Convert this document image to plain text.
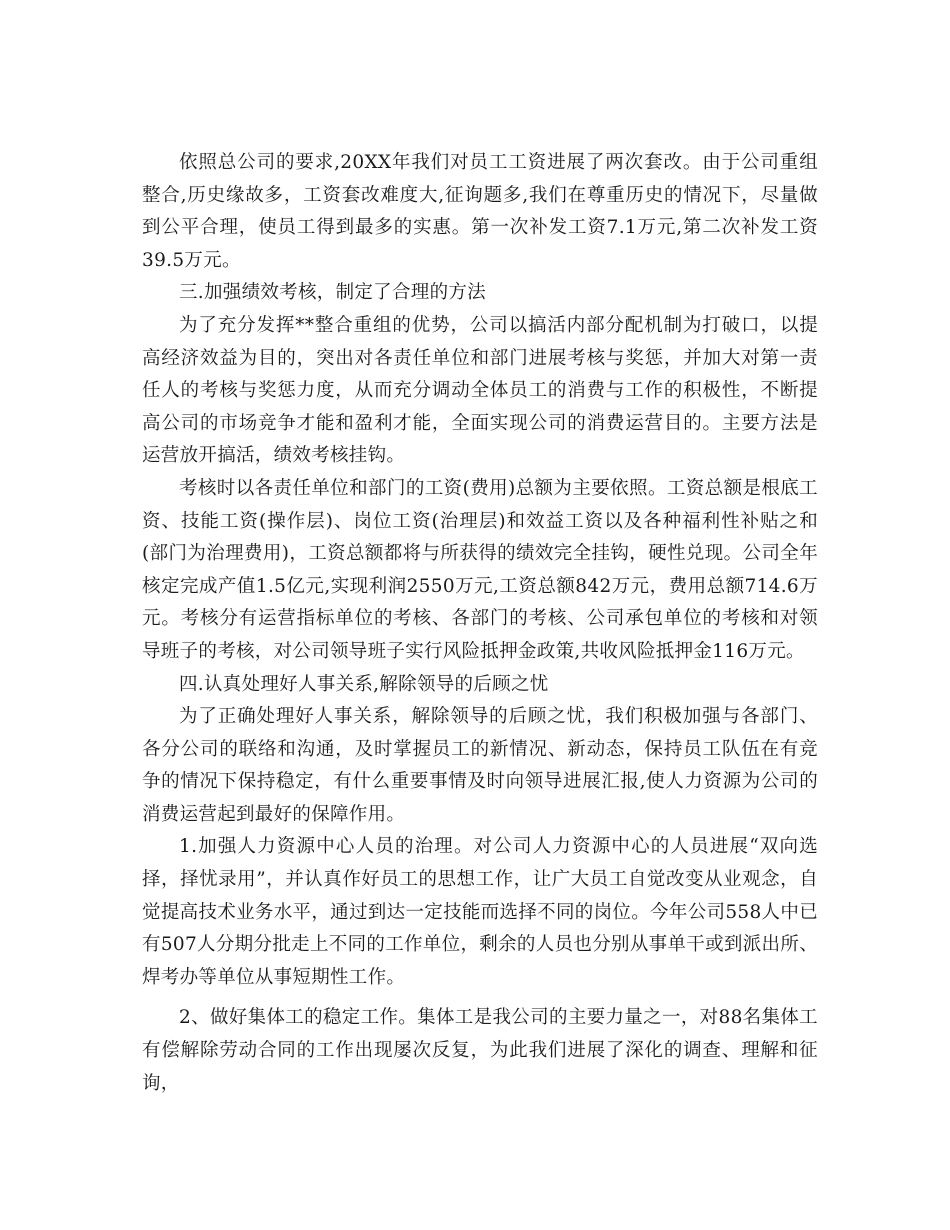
依照总公司的要求,20XX年我们对员工工资进展了两次套改。由于公司重组整合,历史缘故多，工资套改难度大,征询题多,我们在尊重历史的情况下，尽量做到公平合理，使员工得到最多的实惠。第一次补发工资7.1万元,第二次补发工资39.5万元。

三.加强绩效考核，制定了合理的方法

为了充分发挥**整合重组的优势，公司以搞活内部分配机制为打破口，以提高经济效益为目的，突出对各责任单位和部门进展考核与奖惩，并加大对第一责任人的考核与奖惩力度，从而充分调动全体员工的消费与工作的积极性，不断提高公司的市场竞争才能和盈利才能，全面实现公司的消费运营目的。主要方法是运营放开搞活，绩效考核挂钩。

考核时以各责任单位和部门的工资(费用)总额为主要依照。工资总额是根底工资、技能工资(操作层)、岗位工资(治理层)和效益工资以及各种福利性补贴之和(部门为治理费用)，工资总额都将与所获得的绩效完全挂钩，硬性兑现。公司全年核定完成产值1.5亿元,实现利润2550万元,工资总额842万元，费用总额714.6万元。考核分有运营指标单位的考核、各部门的考核、公司承包单位的考核和对领导班子的考核，对公司领导班子实行风险抵押金政策,共收风险抵押金116万元。

四.认真处理好人事关系,解除领导的后顾之忧

为了正确处理好人事关系，解除领导的后顾之忧，我们积极加强与各部门、各分公司的联络和沟通，及时掌握员工的新情况、新动态，保持员工队伍在有竞争的情况下保持稳定，有什么重要事情及时向领导进展汇报,使人力资源为公司的消费运营起到最好的保障作用。

1.加强人力资源中心人员的治理。对公司人力资源中心的人员进展“双向选择，择忧录用”，并认真作好员工的思想工作，让广大员工自觉改变从业观念，自觉提高技术业务水平，通过到达一定技能而选择不同的岗位。今年公司558人中已有507人分期分批走上不同的工作单位，剩余的人员也分别从事单干或到派出所、焊考办等单位从事短期性工作。

2、做好集体工的稳定工作。集体工是我公司的主要力量之一，对88名集体工有偿解除劳动合同的工作出现屡次反复，为此我们进展了深化的调查、理解和征询，
